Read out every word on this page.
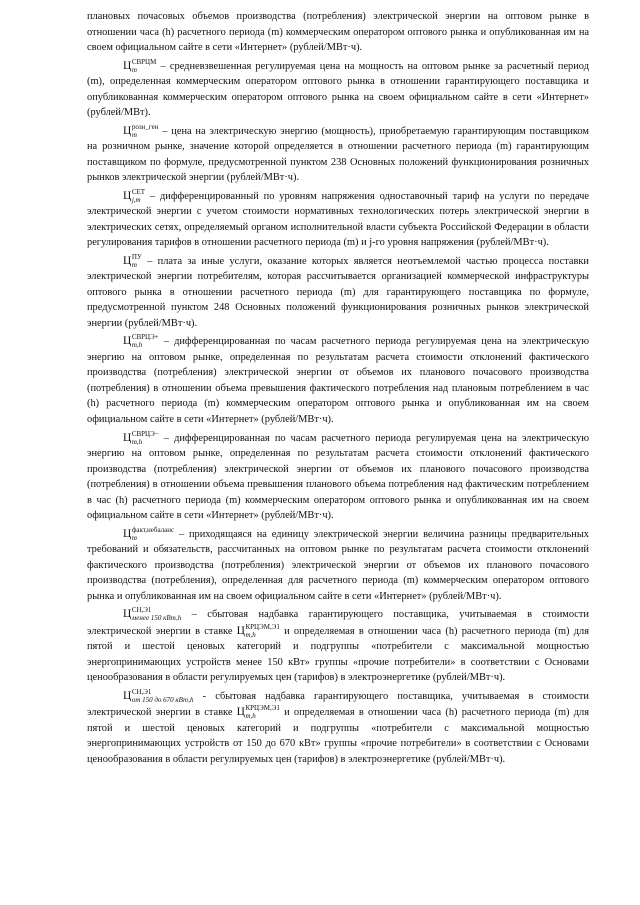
плановых почасовых объемов производства (потребления) электрической энергии на оптовом рынке в отношении часа (h) расчетного периода (m) коммерческим оператором оптового рынка и опубликованная им на своем официальном сайте в сети «Интернет» (рублей/МВт·ч).

Ц СВРЦМ
m	– средневзвешенная регулируемая цена на мощность на оптовом рынке за расчетный период (m), определенная коммерческим оператором оптового рынка в отношении гарантирующего поставщика и опубликованная коммерческим оператором оптового рынка на своем официальном сайте в сети «Интернет» (рублей/МВт).

Ц розн_ген
m	– цена на электрическую энергию (мощность), приобретаемую гарантирующим поставщиком на розничном рынке, значение которой определяется в отношении расчетного периода (m) гарантирующим поставщиком по формуле, предусмотренной пунктом 238 Основных положений функционирования розничных рынков электрической энергии (рублей/МВт·ч).

Ц СЕТ
j,m – дифференцированный по уровням напряжения одноставочный тариф на услуги по передаче электрической энергии с учетом стоимости нормативных технологических потерь электрической энергии в электрических сетях, определяемый органом исполнительной власти субъекта Российской Федерации в области регулирования тарифов в отношении расчетного периода (m) и j-го уровня напряжения (рублей/МВт·ч).

Ц ПУ
m – плата за иные услуги, оказание которых является неотъемлемой частью процесса поставки электрической энергии потребителям, которая рассчитывается организацией коммерческой инфраструктуры оптового рынка в отношении расчетного периода (m) для гарантирующего поставщика по формуле, предусмотренной пунктом 248 Основных положений функционирования розничных рынков электрической энергии (рублей/МВт·ч).

Ц СВРЦЭ+
m,h	– дифференцированная по часам расчетного периода регулируемая цена на электрическую энергию на оптовом рынке, определенная по результатам расчета стоимости отклонений фактического производства (потребления) электрической энергии от объемов их планового почасового производства (потребления) в отношении объема превышения фактического потребления над плановым потреблением в час (h) расчетного периода (m) коммерческим оператором оптового рынка и опубликованная им на своем официальном сайте в сети «Интернет» (рублей/МВт·ч).

Ц СВРЦЭ−
m,h	– дифференцированная по часам расчетного периода регулируемая цена на электрическую энергию на оптовом рынке, определенная по результатам расчета стоимости отклонений фактического производства (потребления) электрической энергии от объемов их планового почасового производства (потребления) в отношении объема превышения планового объема потребления над фактическим потреблением в час (h) расчетного периода (m) коммерческим оператором оптового рынка и опубликованная им на своем официальном сайте в сети «Интернет» (рублей/МВт·ч).

Ц факт,небаланс
m	– приходящаяся на единицу электрической энергии величина разницы предварительных требований и обязательств, рассчитанных на оптовом рынке по результатам расчета стоимости отклонений фактического производства (потребления) электрической энергии от объемов их планового почасового производства (потребления), определенная для расчетного периода (m) коммерческим оператором оптового рынка и опубликованная им на своем официальном сайте в сети «Интернет» (рублей/МВт·ч).

Ц СН,Э1
менее 150 кВт,h – сбытовая надбавка гарантирующего поставщика, учитываемая в стоимости электрической энергии в ставке Ц КРЦЭМ,Э1
m,h	и определяемая в отношении часа (h) расчетного периода (m) для пятой и шестой ценовых категорий и подгруппы «потребители с максимальной мощностью энергопринимающих устройств менее 150 кВт» группы «прочие потребители» в соответствии с Основами ценообразования в области регулируемых цен (тарифов) в электроэнергетике (рублей/МВт·ч).

Ц СН,Э1
от 150 до 670 кВт,h - сбытовая надбавка гарантирующего поставщика, учитываемая в стоимости электрической энергии в ставке Ц КРЦЭМ,Э1
m,h	и определяемая в отношении часа (h) расчетного периода (m) для пятой и шестой ценовых категорий и подгруппы «потребители с максимальной мощностью энергопринимающих устройств от 150 до 670 кВт» группы «прочие потребители» в соответствии с Основами ценообразования в области регулируемых цен (тарифов) в электроэнергетике (рублей/МВт·ч).
